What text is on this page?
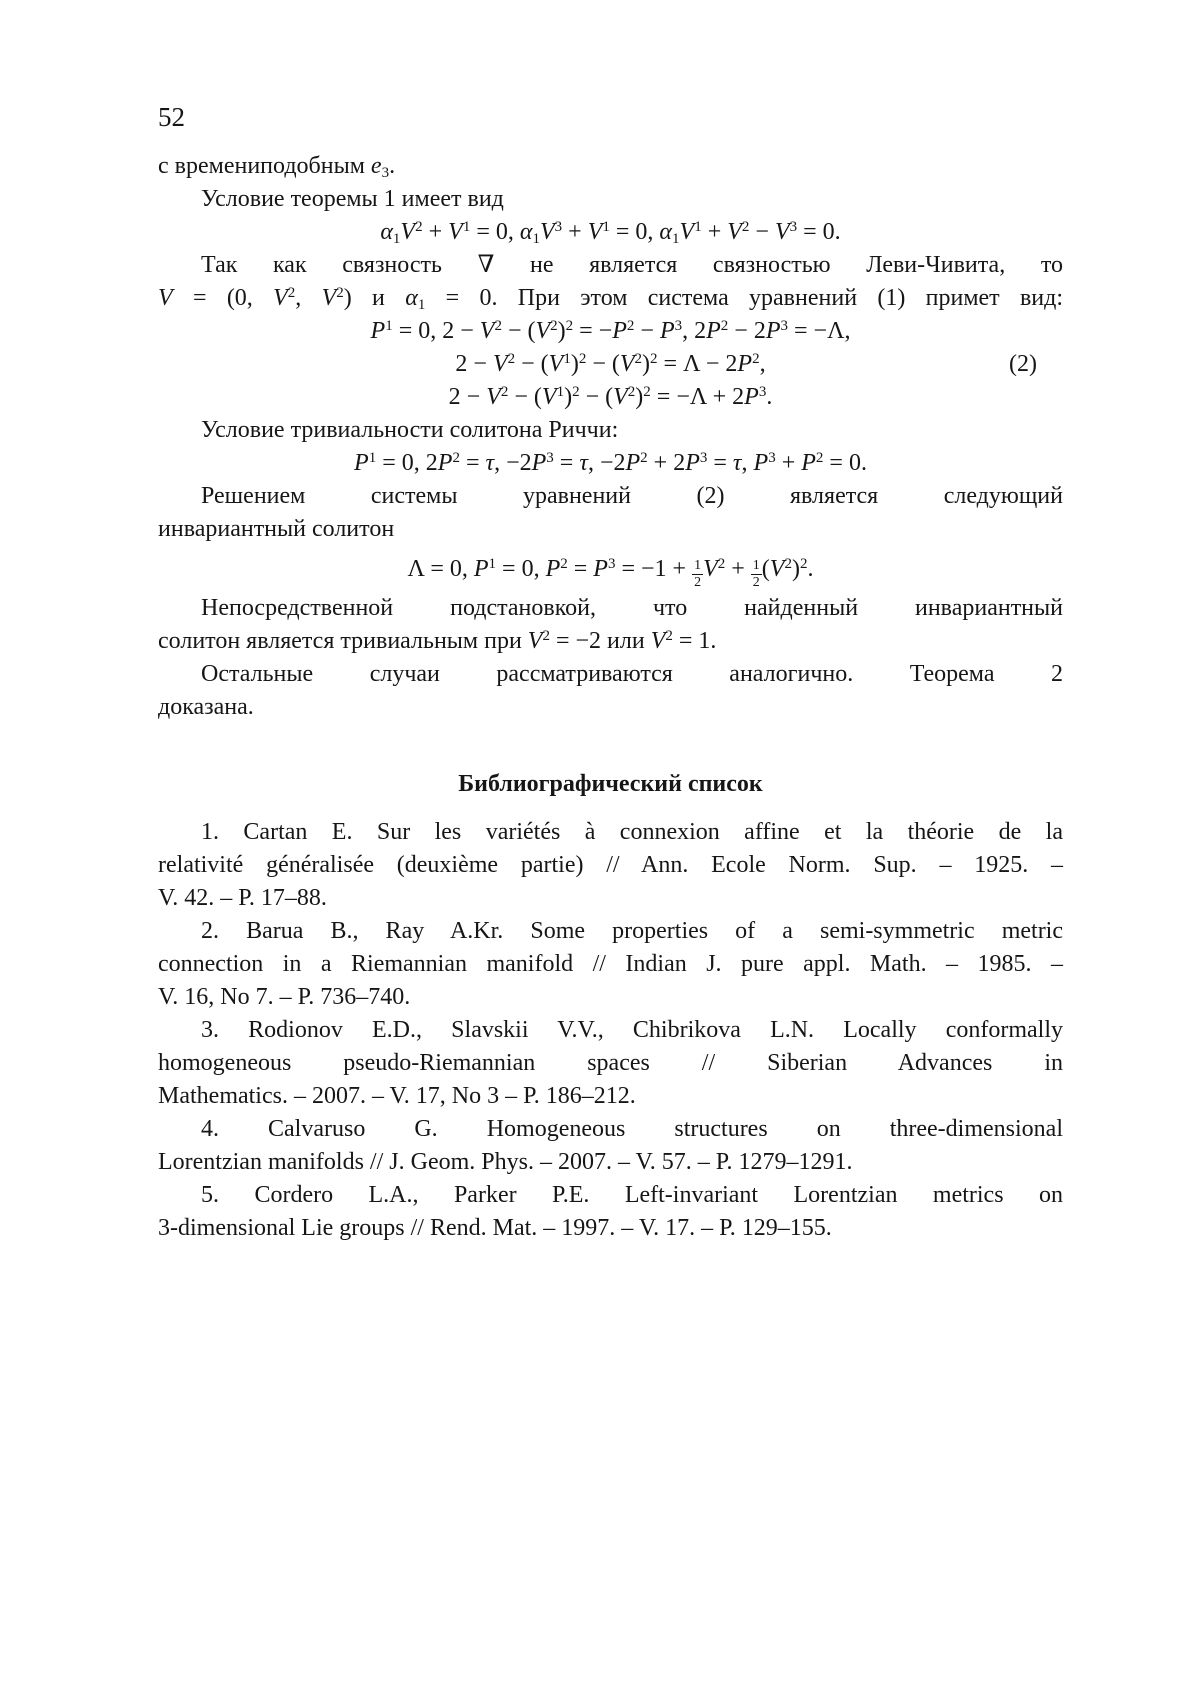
52
с времениподобным e3.
Условие теоремы 1 имеет вид
$\alpha 1V^2 + V^1 = 0$, $\alpha 1V^3 + V^1 = 0$, $\alpha 1V^1 + V^2 - V^3 = 0$.
Так как связность ∇ не является связностью Леви-Чивита, то
V = (0, $V^2$, $V^2$) и α1 = 0. При этом система уравнений (1) примет вид:
$P^1 = 0$, $2 - V^2 - (V^2)^2 = -P^2 - P^3$, $2P^2 - 2P^3 = -\Lambda$,
$2 - V^2 - (V^1)^2 - (V^2)^2 = \Lambda - 2P^2$,	(2)
$2 - V^2 - (V^1)^2 - (V^2)^2 = -\Lambda + 2P^3$.
Условие тривиальности солитона Риччи:
$P^1 = 0$, $2P^2 = \tau$, $-2P^3 = \tau$, $-2P^2 + 2P^3 = \tau$, $P^3 + P^2 = 0$.
Решением системы уравнений (2) является следующий
инвариантный солитон
Λ = 0, $P^1 = 0$, $P^2 = P^3 = -1 + \frac{1}{2} V^2 + \frac{1}{2} (V^2)^2$.
Непосредственной подстановкой, что найденный инвариантный
солитон является тривиальным при $V^2 = -2$ или $V^2 = 1$.
Остальные случаи рассматриваются аналогично. Теорема 2
доказана.
Библиографический список
1. Cartan E. Sur les variétés à connexion affine et la théorie de la
relativité généralisée (deuxième partie) // Ann. Ecole Norm. Sup. – 1925. –
V. 42. – P. 17–88.
2. Barua B., Ray A.Kr. Some properties of a semi-symmetric metric
connection in a Riemannian manifold // Indian J. pure appl. Math. – 1985. –
V. 16, No 7. – P. 736–740.
3. Rodionov E.D., Slavskii V.V., Chibrikova L.N. Locally conformally
homogeneous pseudo-Riemannian spaces // Siberian Advances in
Mathematics. – 2007. – V. 17, No 3 – P. 186–212.
4. Calvaruso G. Homogeneous structures on three-dimensional
Lorentzian manifolds // J. Geom. Phys. – 2007. – V. 57. – P. 1279–1291.
5. Cordero L.A., Parker P.E. Left-invariant Lorentzian metrics on
3-dimensional Lie groups // Rend. Mat. – 1997. – V. 17. – P. 129–155.
